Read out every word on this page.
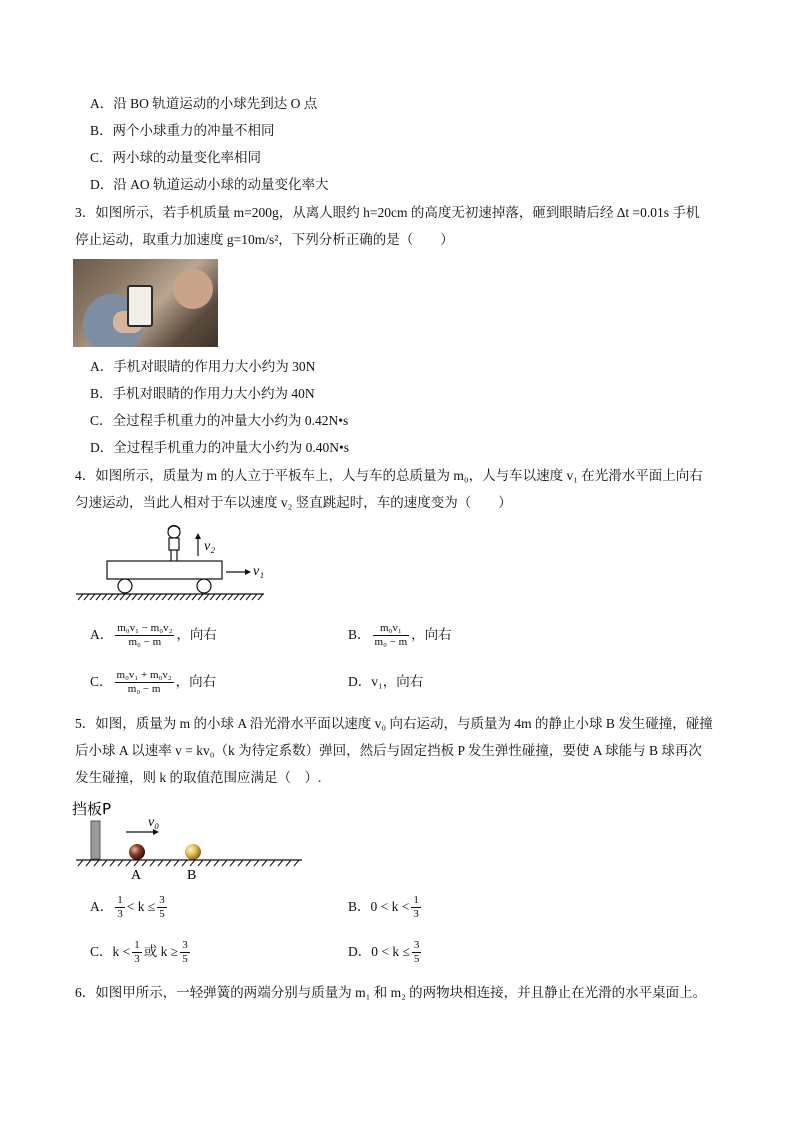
A．沿 BO 轨道运动的小球先到达 O 点
B．两个小球重力的冲量不相同
C．两小球的动量变化率相同
D．沿 AO 轨道运动小球的动量变化率大
3．如图所示，若手机质量 m=200g，从离人眼约 h=20cm 的高度无初速掉落，砸到眼睛后经 Δt =0.01s 手机
停止运动，取重力加速度 g=10m/s²，下列分析正确的是（　　）
A．手机对眼睛的作用力大小约为 30N
B．手机对眼睛的作用力大小约为 40N
C．全过程手机重力的冲量大小约为 0.42N•s
D．全过程手机重力的冲量大小约为 0.40N•s
4．如图所示，质量为 m 的人立于平板车上，人与车的总质量为 m₀，人与车以速度 v₁ 在光滑水平面上向右
匀速运动，当此人相对于车以速度 v₂ 竖直跳起时，车的速度变为（　　）
v₂
v₁
A． $\frac{\text{m₀v₁ − m₀v₂}}{\text{m₀ − m}}$ ，向右	B． $\frac{\text{m₀v₁}}{\text{m₀ − m}}$ ，向右
C． $\frac{\text{m₀v₁ + m₀v₂}}{\text{m₀ − m}}$ ，向右	D．v₁，向右
5．如图，质量为 m 的小球 A 沿光滑水平面以速度 v₀ 向右运动，与质量为 4m 的静止小球 B 发生碰撞，碰撞
后小球 A 以速率 v = kv₀（k 为待定系数）弹回，然后与固定挡板 P 发生弹性碰撞，要使 A 球能与 B 球再次
发生碰撞，则 k 的取值范围应满足（　）.
挡板P
v₀
A	B
A． $\frac{1}{3} < k \le \frac{3}{5}$	B．$0 < k < \frac{1}{3}$
C．$k < \frac{1}{3}$ 或 $k \ge \frac{3}{5}$	D．$0 < k \le \frac{3}{5}$
6．如图甲所示，一轻弹簧的两端分别与质量为 m₁ 和 m₂ 的两物块相连接，并且静止在光滑的水平桌面上。
